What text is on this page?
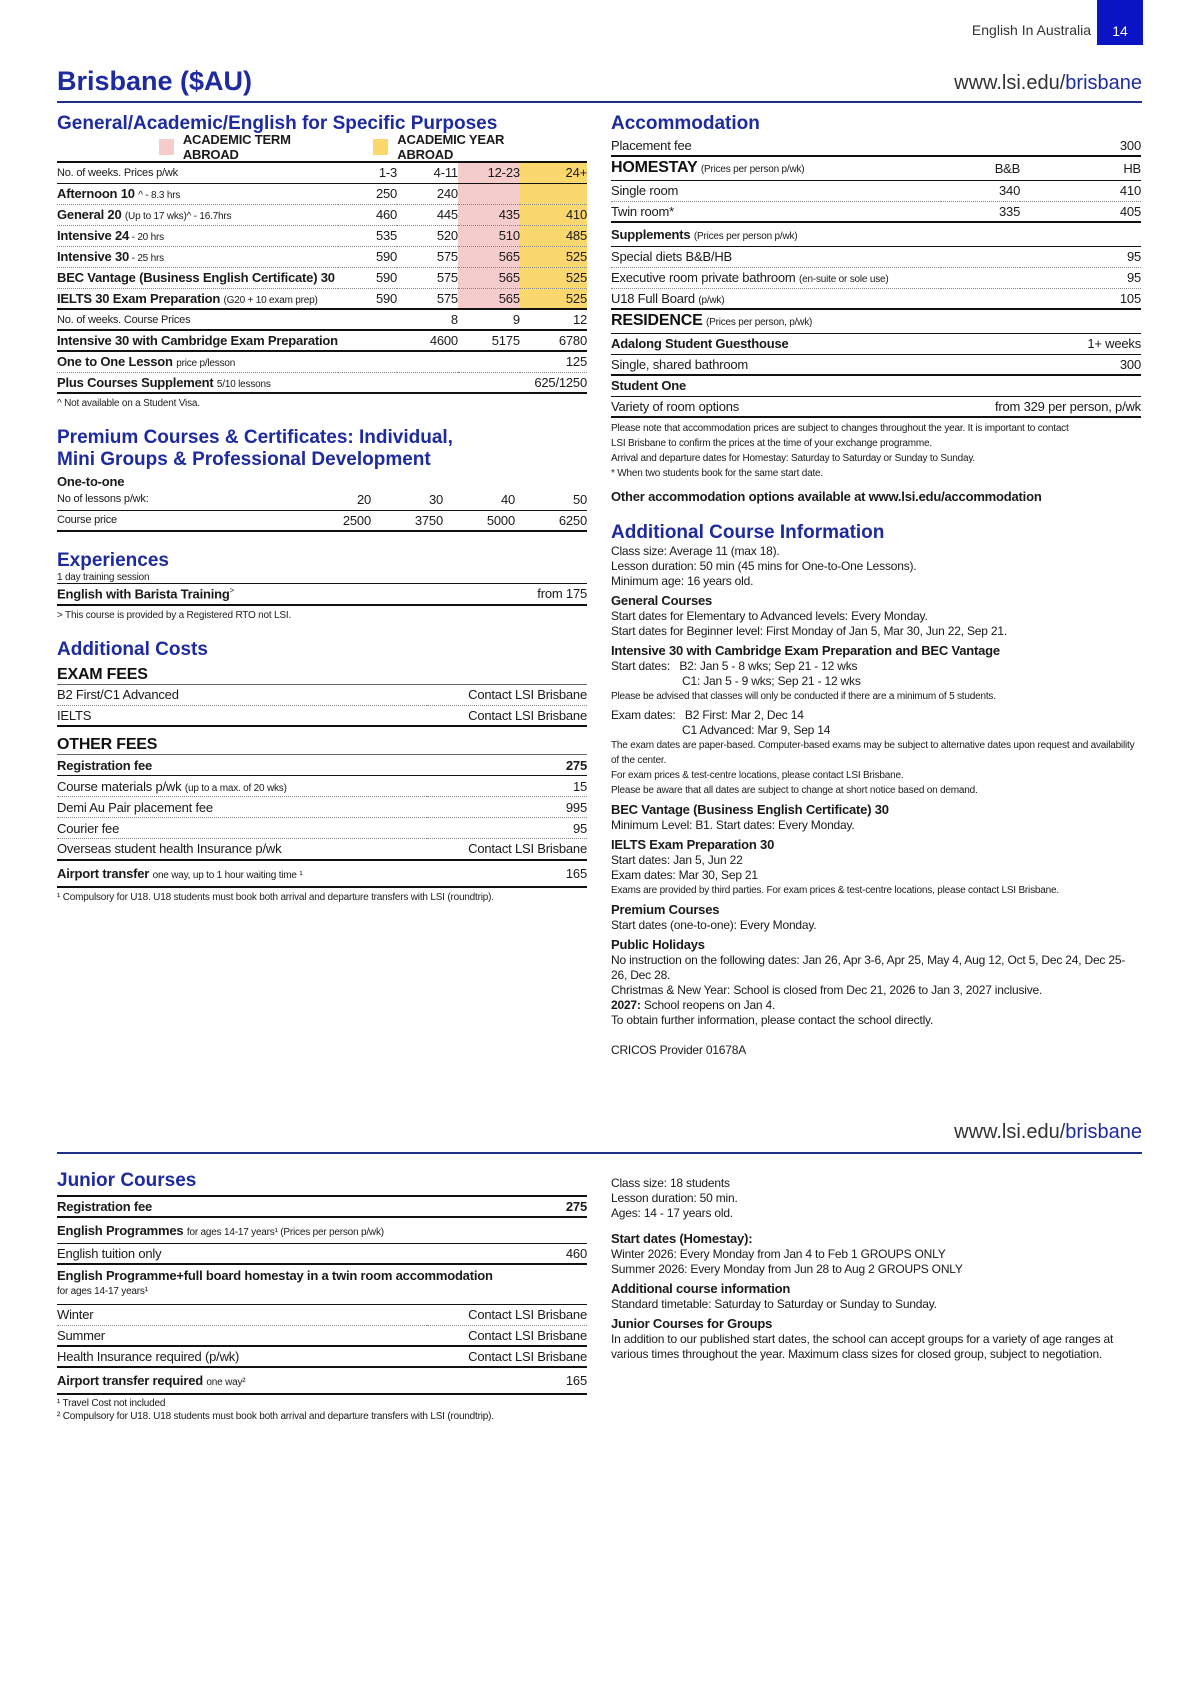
English In Australia	14
Brisbane ($AU)	www.lsi.edu/brisbane
General/Academic/English for Specific Purposes
ACADEMIC TERM ABROAD
ACADEMIC YEAR ABROAD
No. of weeks. Prices p/wk	1-3	4-11	12-23	24+
Afternoon 10 ^ - 8.3 hrs	250	240		
General 20 (Up to 17 wks)^ - 16.7hrs	460	445	435	410
Intensive 24 - 20 hrs	535	520	510	485
Intensive 30 - 25 hrs	590	575	565	525
BEC Vantage (Business English Certificate) 30	590	575	565	525
IELTS 30 Exam Preparation (G20 + 10 exam prep)	590	575	565	525
No. of weeks. Course Prices		8	9	12
Intensive 30 with Cambridge Exam Preparation		4600	5175	6780
One to One Lesson price p/lesson				125
Plus Courses Supplement 5/10 lessons				625/1250
^ Not available on a Student Visa.
Premium Courses & Certificates: Individual,
Mini Groups & Professional Development
One-to-one
No of lessons p/wk:	20	30	40	50
Course price	2500	3750	5000	6250
Experiences
1 day training session
English with Barista Training>	from 175
> This course is provided by a Registered RTO not LSI.
Additional Costs
EXAM FEES
B2 First/C1 Advanced	Contact LSI Brisbane
IELTS	Contact LSI Brisbane
OTHER FEES
Registration fee	275
Course materials p/wk (up to a max. of 20 wks)	15
Demi Au Pair placement fee	995
Courier fee	95
Overseas student health Insurance p/wk	Contact LSI Brisbane
Airport transfer one way, up to 1 hour waiting time ¹	165
¹ Compulsory for U18. U18 students must book both arrival and departure transfers with LSI (roundtrip).
Accommodation
Placement fee		300
HOMESTAY (Prices per person p/wk)	B&B	HB
Single room	340	410
Twin room*	335	405
Supplements (Prices per person p/wk)		
Special diets B&B/HB		95
Executive room private bathroom (en-suite or sole use)		95
U18 Full Board (p/wk)		105
RESIDENCE (Prices per person, p/wk)		
Adalong Student Guesthouse		1+ weeks
Single, shared bathroom		300
Student One		
Variety of room options	from 329 per person, p/wk	
Please note that accommodation prices are subject to changes throughout the year. It is important to contact
LSI Brisbane to confirm the prices at the time of your exchange programme.
Arrival and departure dates for Homestay: Saturday to Saturday or Sunday to Sunday.
* When two students book for the same start date.
Other accommodation options available at www.lsi.edu/accommodation
Additional Course Information

Class size: Average 11 (max 18).

Lesson duration: 50 min (45 mins for One-to-One Lessons).

Minimum age: 16 years old.

General Courses

Start dates for Elementary to Advanced levels: Every Monday.

Start dates for Beginner level: First Monday of Jan 5, Mar 30, Jun 22, Sep 21.

Intensive 30 with Cambridge Exam Preparation and BEC Vantage

Start dates: B2: Jan 5 - 8 wks; Sep 21 - 12 wks

C1: Jan 5 - 9 wks; Sep 21 - 12 wks

Please be advised that classes will only be conducted if there are a minimum of 5 students.

Exam dates: B2 First: Mar 2, Dec 14

C1 Advanced: Mar 9, Sep 14

The exam dates are paper-based. Computer-based exams may be subject to alternative dates upon request and availability of the center.

For exam prices & test-centre locations, please contact LSI Brisbane.

Please be aware that all dates are subject to change at short notice based on demand.

BEC Vantage (Business English Certificate) 30

Minimum Level: B1. Start dates: Every Monday.

IELTS Exam Preparation 30

Start dates: Jan 5, Jun 22

Exam dates: Mar 30, Sep 21

Exams are provided by third parties. For exam prices & test-centre locations, please contact LSI Brisbane.

Premium Courses

Start dates (one-to-one): Every Monday.

Public Holidays

No instruction on the following dates: Jan 26, Apr 3-6, Apr 25, May 4, Aug 12, Oct 5, Dec 24, Dec 25-26, Dec 28.

Christmas & New Year: School is closed from Dec 21, 2026 to Jan 3, 2027 inclusive.

2027: School reopens on Jan 4.

To obtain further information, please contact the school directly.

CRICOS Provider 01678A

www.lsi.edu/brisbane
Junior Courses
Registration fee	275
English Programmes for ages 14-17 years¹ (Prices per person p/wk)	
English tuition only	460

English Programme+full board homestay in a twin room accommodation
for ages 14-17 years¹	

Winter	Contact LSI Brisbane
Summer	Contact LSI Brisbane
Health Insurance required (p/wk)	Contact LSI Brisbane
Airport transfer required one way²	165
¹ Travel Cost not included
² Compulsory for U18. U18 students must book both arrival and departure transfers with LSI (roundtrip).

Class size: 18 students

Lesson duration: 50 min.

Ages: 14 - 17 years old.

Start dates (Homestay):

Winter 2026: Every Monday from Jan 4 to Feb 1 GROUPS ONLY

Summer 2026: Every Monday from Jun 28 to Aug 2 GROUPS ONLY

Additional course information

Standard timetable: Saturday to Saturday or Sunday to Sunday.

Junior Courses for Groups

In addition to our published start dates, the school can accept groups for a variety of age ranges at various times throughout the year. Maximum class sizes for closed group, subject to negotiation.
